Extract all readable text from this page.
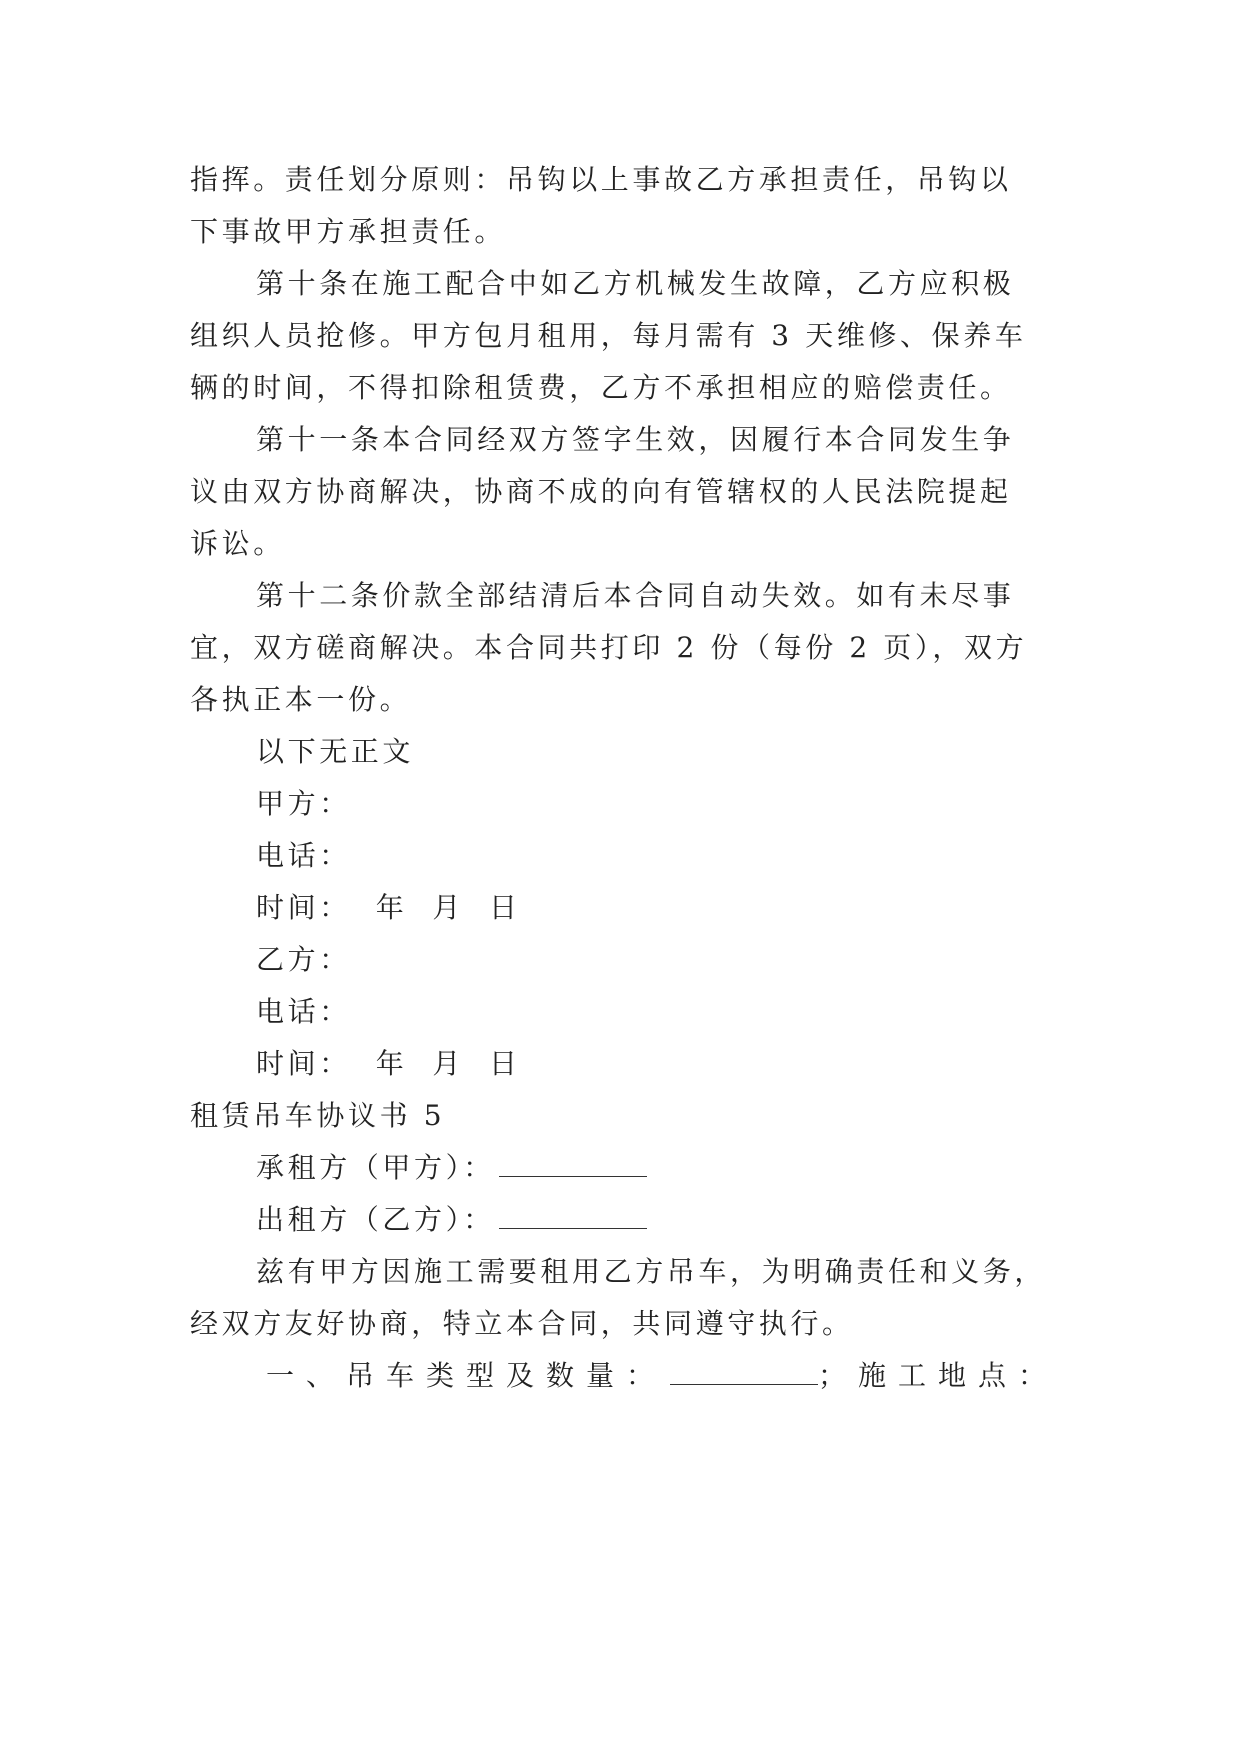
指挥。责任划分原则：吊钩以上事故乙方承担责任，吊钩以
下事故甲方承担责任。
第十条在施工配合中如乙方机械发生故障，乙方应积极
组织人员抢修。甲方包月租用，每月需有 3 天维修、保养车
辆的时间，不得扣除租赁费，乙方不承担相应的赔偿责任。
第十一条本合同经双方签字生效，因履行本合同发生争
议由双方协商解决，协商不成的向有管辖权的人民法院提起
诉讼。
第十二条价款全部结清后本合同自动失效。如有未尽事
宜，双方磋商解决。本合同共打印 2 份（每份 2 页），双方
各执正本一份。
以下无正文
甲方：
电话：
时间：  年  月  日
乙方：
电话：
时间：  年  月  日
租赁吊车协议书 5
承租方（甲方）：
出租方（乙方）：
兹有甲方因施工需要租用乙方吊车，为明确责任和义务，
经双方友好协商，特立本合同，共同遵守执行。
一、吊车类型及数量：	；施工地点：
